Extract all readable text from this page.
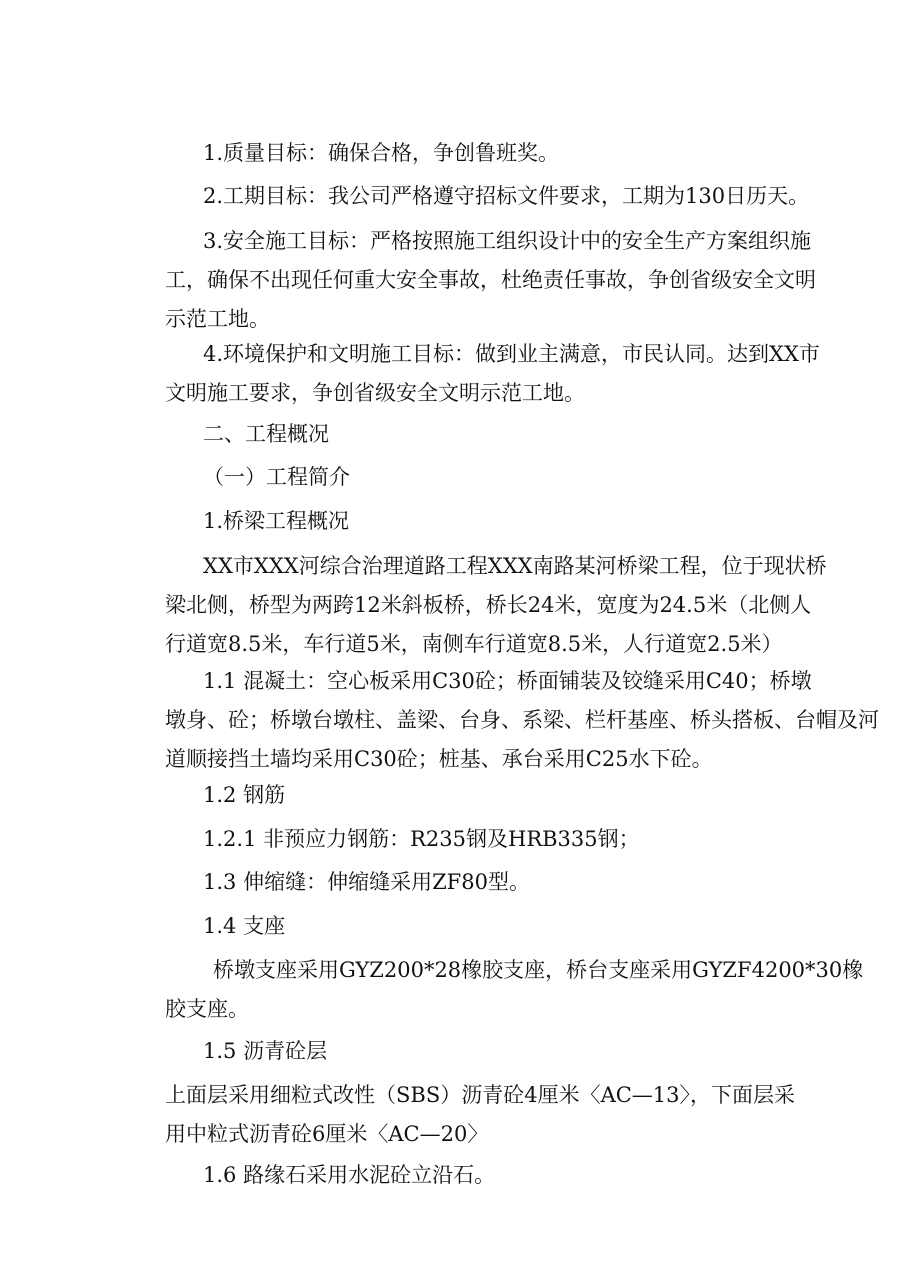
1.质量目标：确保合格，争创鲁班奖。
2.工期目标：我公司严格遵守招标文件要求，工期为130日历天。
3.安全施工目标：严格按照施工组织设计中的安全生产方案组织施
工，确保不出现任何重大安全事故，杜绝责任事故，争创省级安全文明
示范工地。
4.环境保护和文明施工目标：做到业主满意，市民认同。达到XX市
文明施工要求，争创省级安全文明示范工地。
二、工程概况
（一）工程简介
1.桥梁工程概况
XX市XXX河综合治理道路工程XXX南路某河桥梁工程，位于现状桥
梁北侧，桥型为两跨12米斜板桥，桥长24米，宽度为24.5米（北侧人
行道宽8.5米，车行道5米，南侧车行道宽8.5米，人行道宽2.5米）
1.1 混凝土：空心板采用C30砼；桥面铺装及铰缝采用C40；桥墩
墩身、砼；桥墩台墩柱、盖梁、台身、系梁、栏杆基座、桥头搭板、台帽及河
道顺接挡土墙均采用C30砼；桩基、承台采用C25水下砼。
1.2 钢筋
1.2.1 非预应力钢筋：R235钢及HRB335钢；
1.3 伸缩缝：伸缩缝采用ZF80型。
1.4 支座
桥墩支座采用GYZ200*28橡胶支座，桥台支座采用GYZF4200*30橡
胶支座。
1.5 沥青砼层
上面层采用细粒式改性（SBS）沥青砼4厘米〈AC—13〉，下面层采
用中粒式沥青砼6厘米〈AC—20〉
1.6 路缘石采用水泥砼立沿石。
